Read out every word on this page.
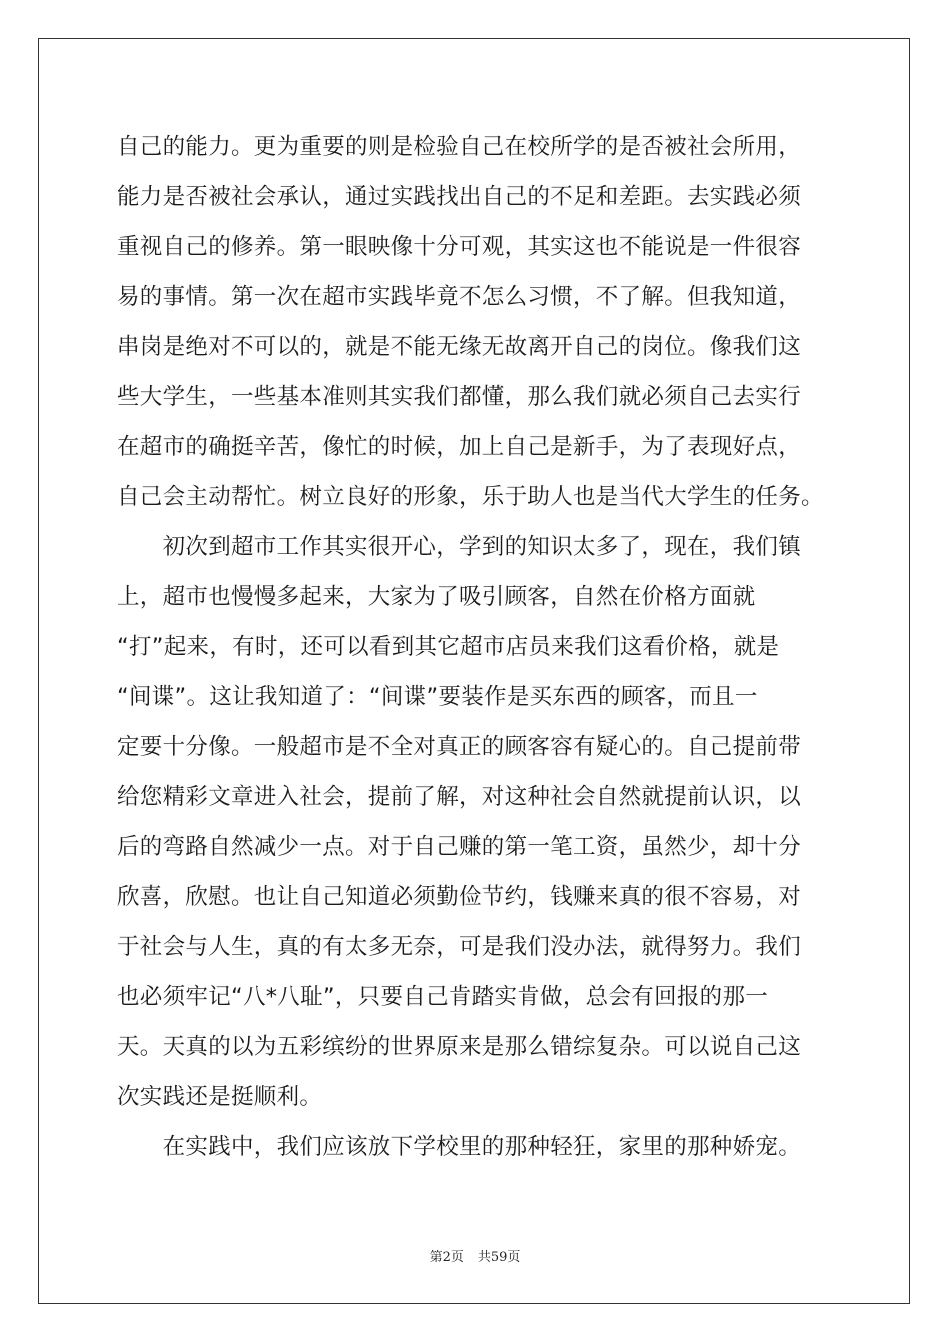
自己的能力。更为重要的则是检验自己在校所学的是否被社会所用，
能力是否被社会承认，通过实践找出自己的不足和差距。去实践必须
重视自己的修养。第一眼映像十分可观，其实这也不能说是一件很容
易的事情。第一次在超市实践毕竟不怎么习惯，不了解。但我知道，
串岗是绝对不可以的，就是不能无缘无故离开自己的岗位。像我们这
些大学生，一些基本准则其实我们都懂，那么我们就必须自己去实行
在超市的确挺辛苦，像忙的时候，加上自己是新手，为了表现好点，
自己会主动帮忙。树立良好的形象，乐于助人也是当代大学生的任务。
　　初次到超市工作其实很开心，学到的知识太多了，现在，我们镇
上，超市也慢慢多起来，大家为了吸引顾客，自然在价格方面就
“打”起来，有时，还可以看到其它超市店员来我们这看价格，就是
“间谍”。这让我知道了：“间谍”要装作是买东西的顾客，而且一
定要十分像。一般超市是不全对真正的顾客容有疑心的。自己提前带
给您精彩文章进入社会，提前了解，对这种社会自然就提前认识，以
后的弯路自然减少一点。对于自己赚的第一笔工资，虽然少，却十分
欣喜，欣慰。也让自己知道必须勤俭节约，钱赚来真的很不容易，对
于社会与人生，真的有太多无奈，可是我们没办法，就得努力。我们
也必须牢记“八*八耻”，只要自己肯踏实肯做，总会有回报的那一
天。天真的以为五彩缤纷的世界原来是那么错综复杂。可以说自己这
次实践还是挺顺利。
　　在实践中，我们应该放下学校里的那种轻狂，家里的那种娇宠。
第2页 共59页
